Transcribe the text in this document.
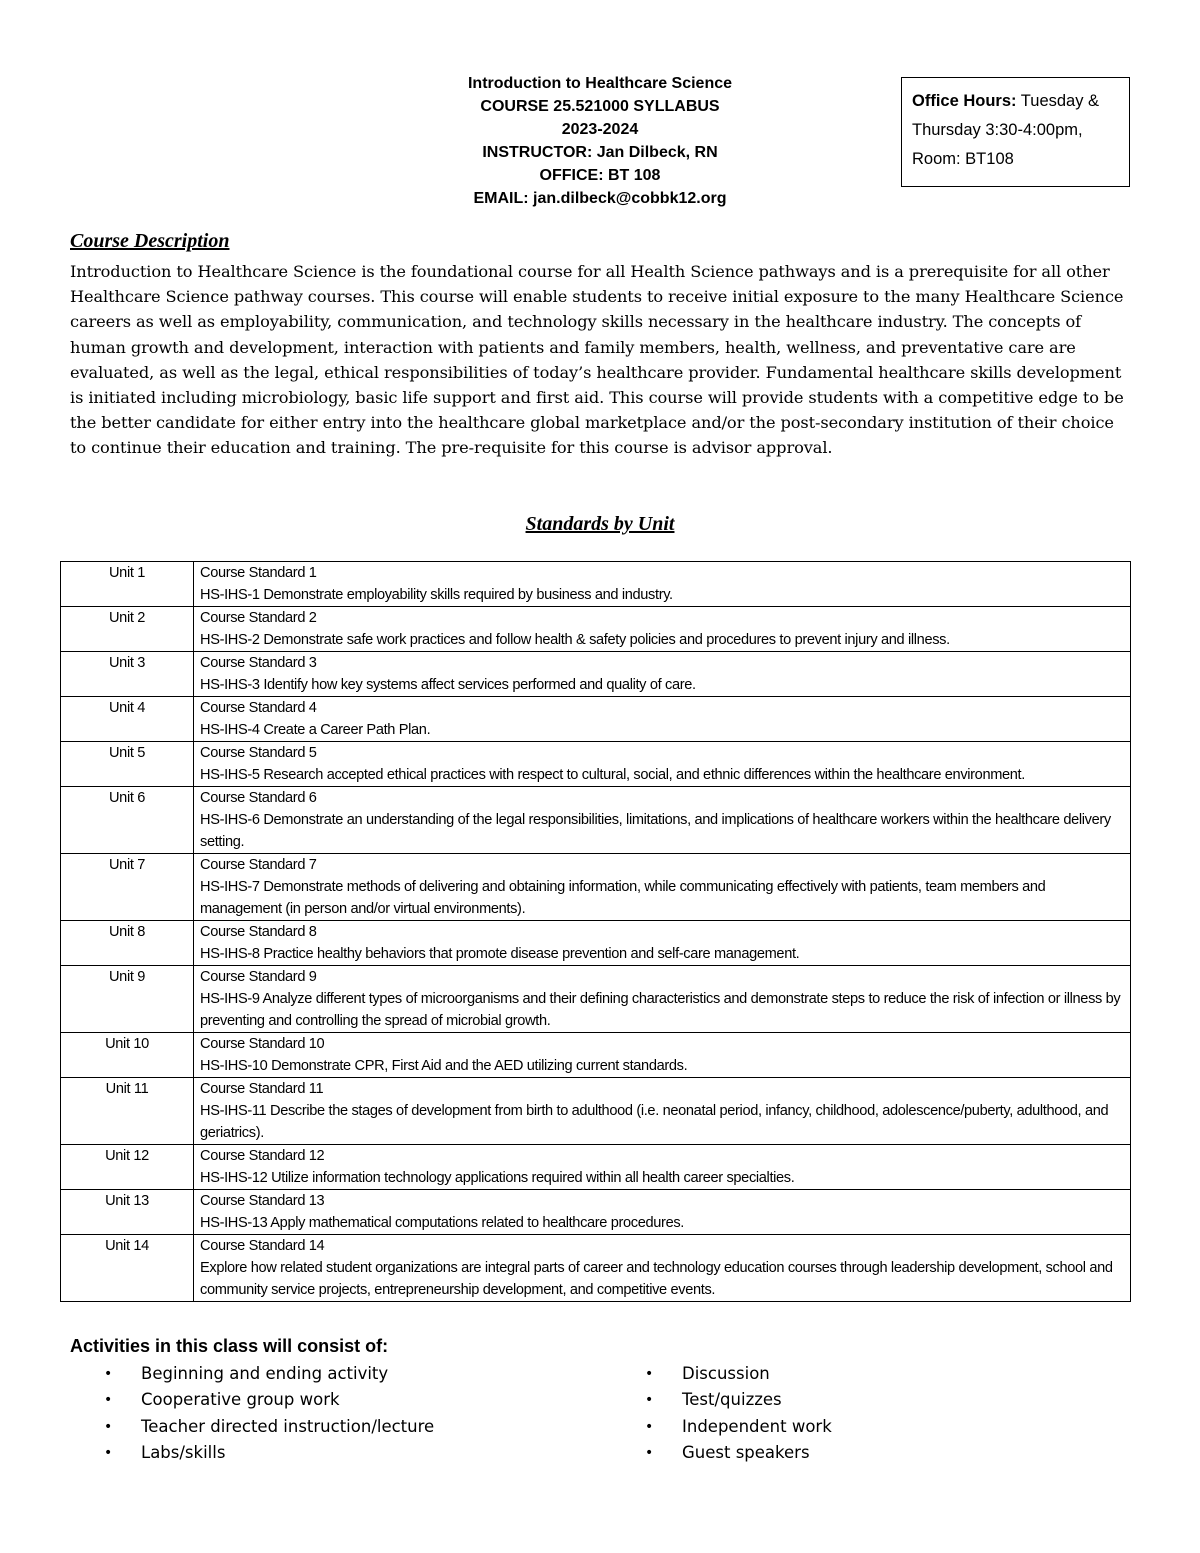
Introduction to Healthcare Science
COURSE 25.521000 SYLLABUS
2023-2024
INSTRUCTOR: Jan Dilbeck, RN
OFFICE: BT 108
EMAIL: jan.dilbeck@cobbk12.org
Office Hours: Tuesday & Thursday 3:30-4:00pm, Room: BT108
Course Description
Introduction to Healthcare Science is the foundational course for all Health Science pathways and is a prerequisite for all other Healthcare Science pathway courses. This course will enable students to receive initial exposure to the many Healthcare Science careers as well as employability, communication, and technology skills necessary in the healthcare industry. The concepts of human growth and development, interaction with patients and family members, health, wellness, and preventative care are evaluated, as well as the legal, ethical responsibilities of today’s healthcare provider. Fundamental healthcare skills development is initiated including microbiology, basic life support and first aid. This course will provide students with a competitive edge to be the better candidate for either entry into the healthcare global marketplace and/or the post-secondary institution of their choice to continue their education and training. The pre-requisite for this course is advisor approval.
Standards by Unit
Unit 1	Course Standard 1
HS-IHS-1 Demonstrate employability skills required by business and industry.

Unit 2	Course Standard 2
HS-IHS-2 Demonstrate safe work practices and follow health & safety policies and procedures to prevent injury and illness.

Unit 3	Course Standard 3
HS-IHS-3 Identify how key systems affect services performed and quality of care.

Unit 4	Course Standard 4
HS-IHS-4 Create a Career Path Plan.

Unit 5	Course Standard 5
HS-IHS-5 Research accepted ethical practices with respect to cultural, social, and ethnic differences within the healthcare environment.

Unit 6	Course Standard 6
HS-IHS-6 Demonstrate an understanding of the legal responsibilities, limitations, and implications of healthcare workers within the healthcare delivery setting.

Unit 7	Course Standard 7
HS-IHS-7 Demonstrate methods of delivering and obtaining information, while communicating effectively with patients, team members and management (in person and/or virtual environments).

Unit 8	Course Standard 8
HS-IHS-8 Practice healthy behaviors that promote disease prevention and self-care management.

Unit 9	Course Standard 9
HS-IHS-9 Analyze different types of microorganisms and their defining characteristics and demonstrate steps to reduce the risk of infection or illness by preventing and controlling the spread of microbial growth.

Unit 10	Course Standard 10
HS-IHS-10 Demonstrate CPR, First Aid and the AED utilizing current standards.

Unit 11	Course Standard 11
HS-IHS-11 Describe the stages of development from birth to adulthood (i.e. neonatal period, infancy, childhood, adolescence/puberty, adulthood, and geriatrics).

Unit 12	Course Standard 12
HS-IHS-12 Utilize information technology applications required within all health career specialties.

Unit 13	Course Standard 13
HS-IHS-13 Apply mathematical computations related to healthcare procedures.

Unit 14	Course Standard 14
Explore how related student organizations are integral parts of career and technology education courses through leadership development, school and community service projects, entrepreneurship development, and competitive events.
Activities in this class will consist of:
• Beginning and ending activity
• Cooperative group work
• Teacher directed instruction/lecture
• Labs/skills
• Discussion
• Test/quizzes
• Independent work
• Guest speakers
